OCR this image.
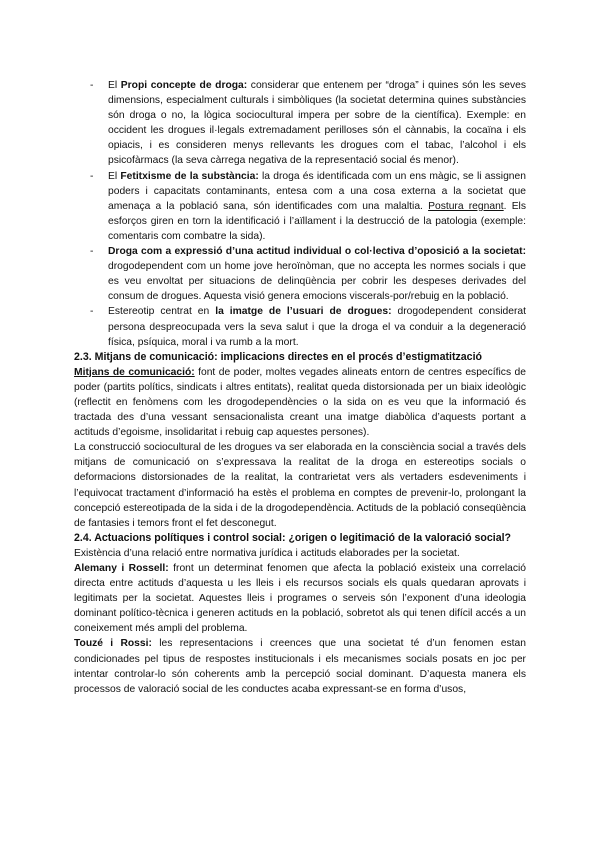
- El Propi concepte de droga: considerar que entenem per “droga” i quines són les seves dimensions, especialment culturals i simbòliques (la societat determina quines substàncies són droga o no, la lògica sociocultural impera per sobre de la científica). Exemple: en occident les drogues il·legals extremadament perilloses són el cànnabis, la cocaïna i els opiacis, i es consideren menys rellevants les drogues com el tabac, l’alcohol i els psicofàrmacs (la seva càrrega negativa de la representació social és menor).
- El Fetitxisme de la substància: la droga és identificada com un ens màgic, se li assignen poders i capacitats contaminants, entesa com a una cosa externa a la societat que amenaça a la població sana, són identificades com una malaltia. Postura regnant. Els esforços giren en torn la identificació i l’aïllament i la destrucció de la patologia (exemple: comentaris com combatre la sida).
- Droga com a expressió d’una actitud individual o col·lectiva d’oposició a la societat: drogodependent com un home jove heroïnòman, que no accepta les normes socials i que es veu envoltat per situacions de delinqüència per cobrir les despeses derivades del consum de drogues. Aquesta visió genera emocions viscerals-por/rebuig en la població.
- Estereotip centrat en la imatge de l’usuari de drogues: drogodependent considerat persona despreocupada vers la seva salut i que la droga el va conduir a la degeneració física, psíquica, moral i va rumb a la mort.
2.3. Mitjans de comunicació: implicacions directes en el procés d’estigmatització

Mitjans de comunicació: font de poder, moltes vegades alineats entorn de centres específics de poder (partits polítics, sindicats i altres entitats), realitat queda distorsionada per un biaix ideològic (reflectit en fenòmens com les drogodependències o la sida on es veu que la informació és tractada des d’una vessant sensacionalista creant una imatge diabòlica d’aquests portant a actituds d’egoisme, insolidaritat i rebuig cap aquestes persones).

La construcció sociocultural de les drogues va ser elaborada en la consciència social a través dels mitjans de comunicació on s’expressava la realitat de la droga en estereotips socials o deformacions distorsionades de la realitat, la contrarietat vers als vertaders esdeveniments i l’equivocat tractament d’informació ha estès el problema en comptes de prevenir-lo, prolongant la concepció estereotipada de la sida i de la drogodependència. Actituds de la població conseqüència de fantasies i temors front el fet desconegut.

2.4. Actuacions polítiques i control social: ¿origen o legitimació de la valoració social?

Existència d’una relació entre normativa jurídica i actituds elaborades per la societat.

Alemany i Rossell: front un determinat fenomen que afecta la població existeix una correlació directa entre actituds d’aquesta u les lleis i els recursos socials els quals quedaran aprovats i legitimats per la societat. Aquestes lleis i programes o serveis són l’exponent d’una ideologia dominant político-tècnica i generen actituds en la població, sobretot als qui tenen difícil accés a un coneixement més ampli del problema.

Touzé i Rossi: les representacions i creences que una societat té d’un fenomen estan condicionades pel tipus de respostes institucionals i els mecanismes socials posats en joc per intentar controlar-lo són coherents amb la percepció social dominant. D’aquesta manera els processos de valoració social de les conductes acaba expressant-se en forma d’usos,
